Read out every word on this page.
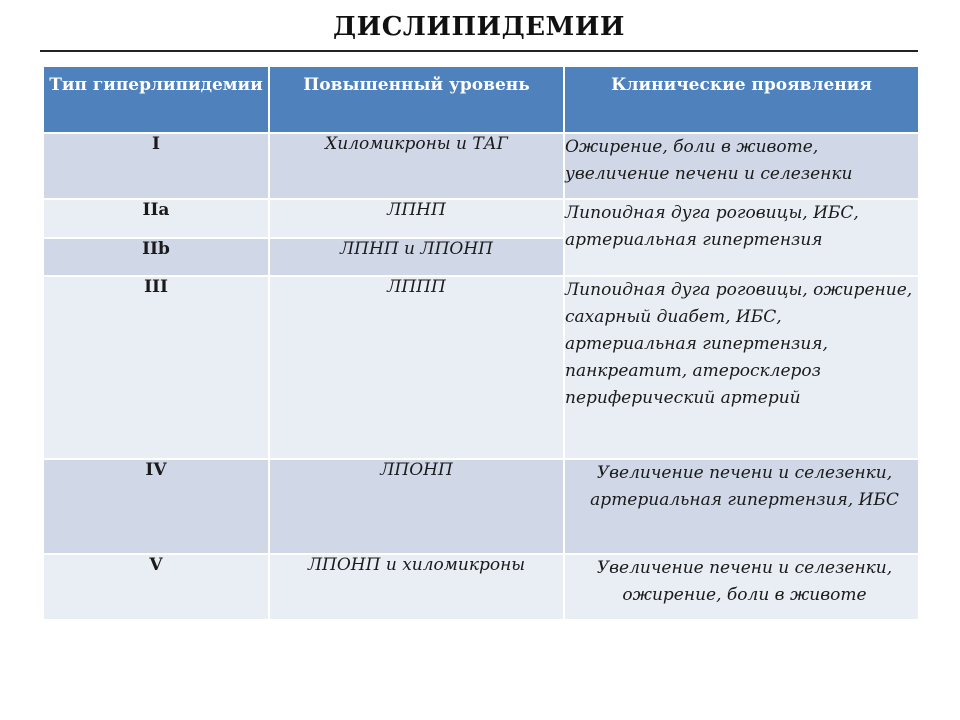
ДИСЛИПИДЕМИИ
Тип гиперлипидемии	Повышенный уровень	Клинические проявления
I	Хиломикроны и ТАГ	Ожирение, боли в животе, увеличение печени и селезенки
IIa	ЛПНП	Липоидная дуга роговицы, ИБС, артериальная гипертензия
IIb	ЛПНП и ЛПОНП	
III	ЛППП	Липоидная дуга роговицы, ожирение, сахарный диабет, ИБС, артериальная гипертензия, панкреатит, атеросклероз периферический артерий
IV	ЛПОНП	Увеличение печени и селезенки, артериальная гипертензия, ИБС
V	ЛПОНП и хиломикроны	Увеличение печени и селезенки, ожирение, боли в животе
